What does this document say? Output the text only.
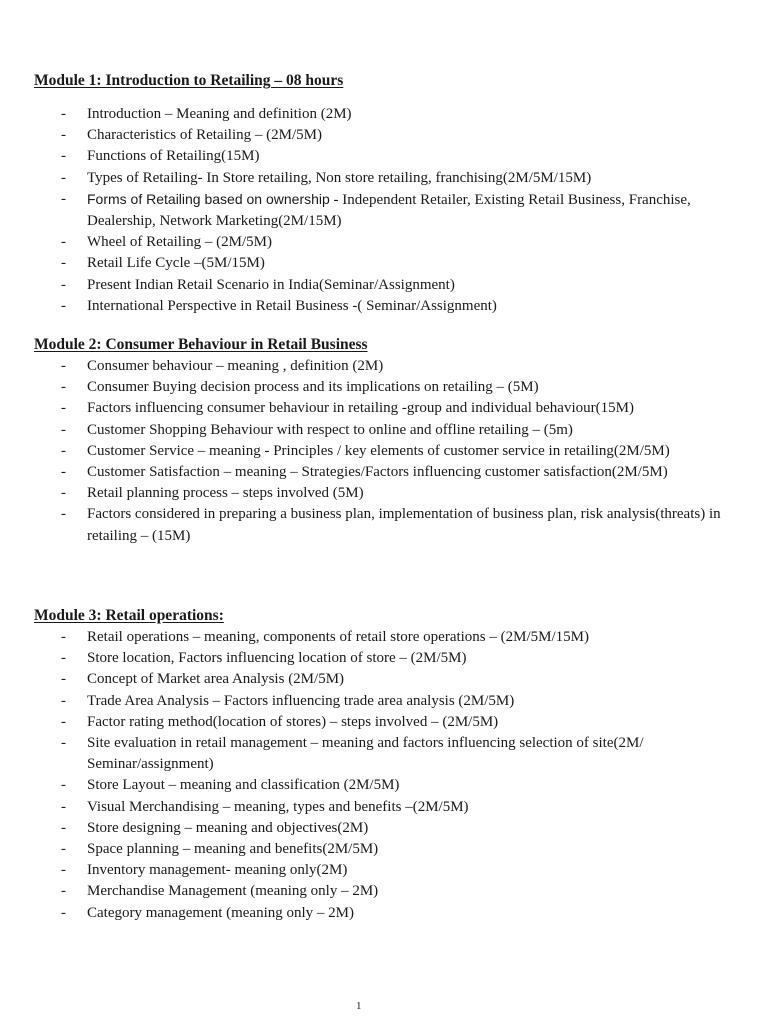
Module 1: Introduction to Retailing – 08 hours
- Introduction – Meaning and definition (2M)
- Characteristics of Retailing – (2M/5M)
- Functions of Retailing(15M)
- Types of Retailing- In Store retailing, Non store retailing, franchising(2M/5M/15M)
- Forms of Retailing based on ownership - Independent Retailer, Existing Retail Business, Franchise, Dealership, Network Marketing(2M/15M)
- Wheel of Retailing – (2M/5M)
- Retail Life Cycle –(5M/15M)
- Present Indian Retail Scenario in India(Seminar/Assignment)
- International Perspective in Retail Business -( Seminar/Assignment)
Module 2: Consumer Behaviour in Retail Business
- Consumer behaviour – meaning , definition (2M)
- Consumer Buying decision process and its implications on retailing – (5M)
- Factors influencing consumer behaviour in retailing -group and individual behaviour(15M)
- Customer Shopping Behaviour with respect to online and offline retailing – (5m)
- Customer Service – meaning - Principles / key elements of customer service in retailing(2M/5M)
- Customer Satisfaction – meaning – Strategies/Factors influencing customer satisfaction(2M/5M)
- Retail planning process – steps involved (5M)
- Factors considered in preparing a business plan, implementation of business plan, risk analysis(threats) in retailing – (15M)
Module 3: Retail operations:
- Retail operations – meaning, components of retail store operations – (2M/5M/15M)
- Store location, Factors influencing location of store – (2M/5M)
- Concept of Market area Analysis (2M/5M)
- Trade Area Analysis – Factors influencing trade area analysis (2M/5M)
- Factor rating method(location of stores) – steps involved – (2M/5M)
- Site evaluation in retail management – meaning and factors influencing selection of site(2M/ Seminar/assignment)
- Store Layout – meaning and classification (2M/5M)
- Visual Merchandising – meaning, types and benefits –(2M/5M)
- Store designing – meaning and objectives(2M)
- Space planning – meaning and benefits(2M/5M)
- Inventory management- meaning only(2M)
- Merchandise Management (meaning only – 2M)
- Category management (meaning only – 2M)
1
